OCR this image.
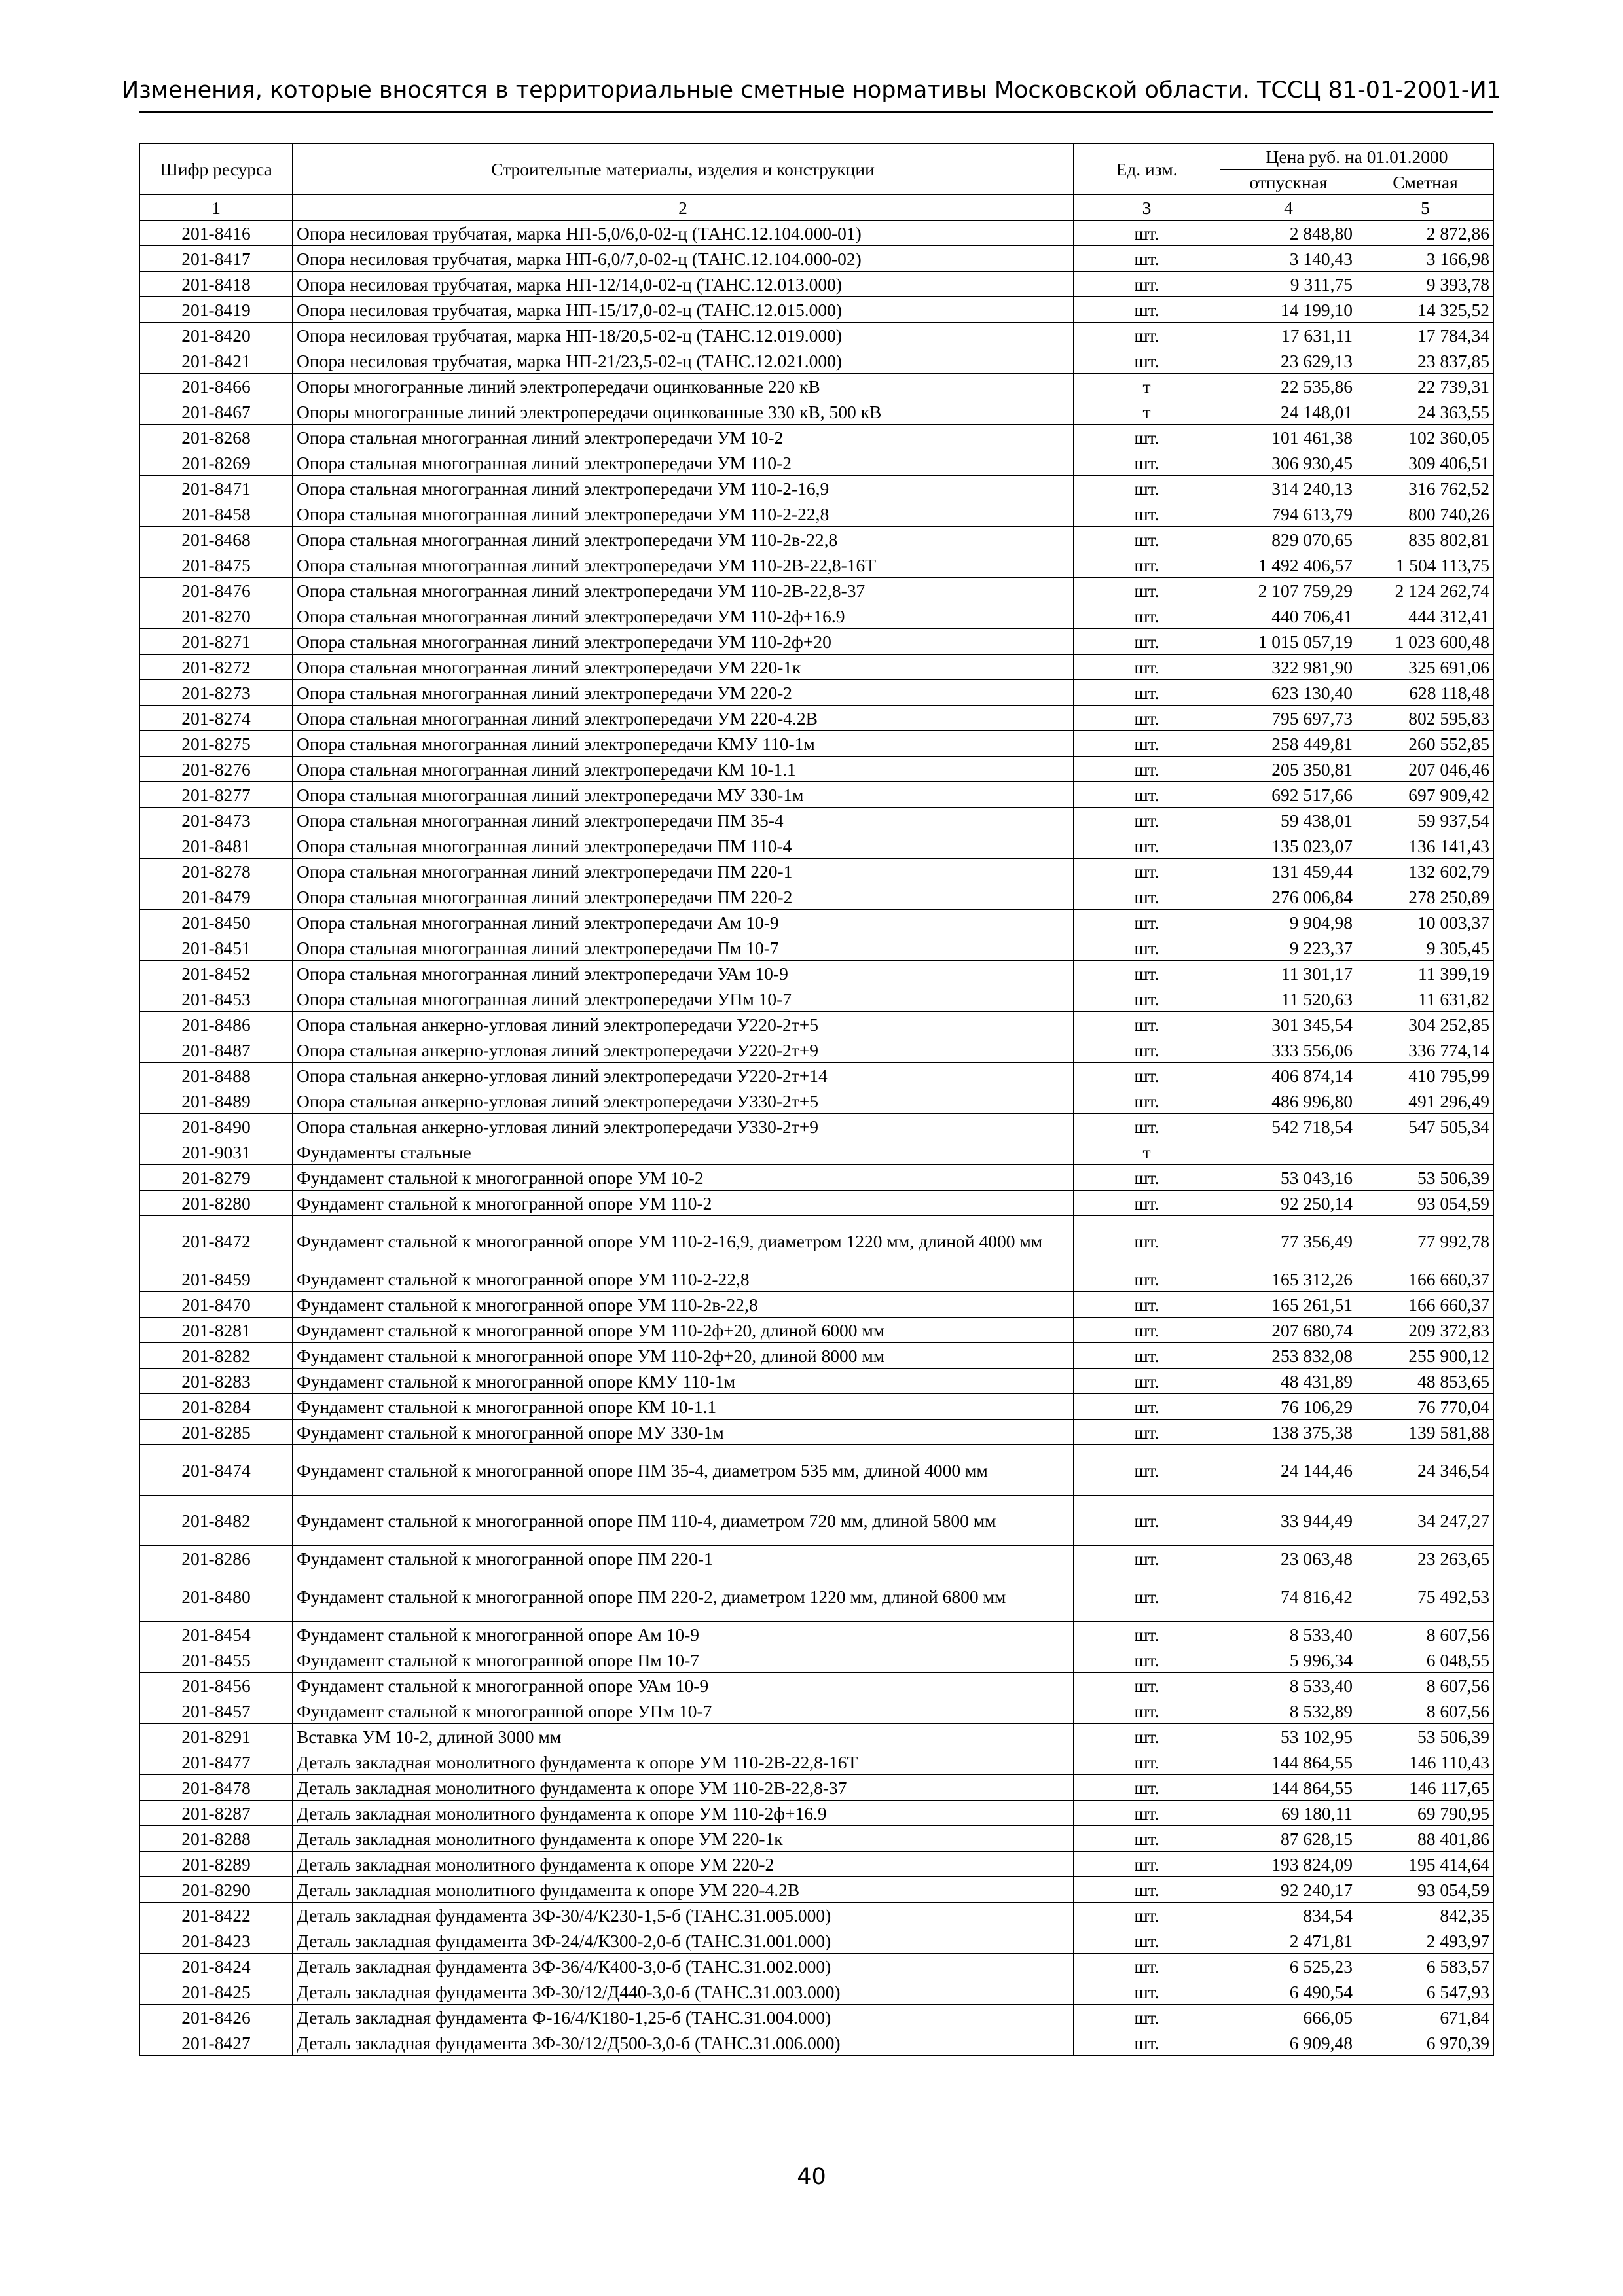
Изменения, которые вносятся в территориальные сметные нормативы Московской области. ТССЦ 81-01-2001-И1
Шифр ресурса	Строительные материалы, изделия и конструкции	Ед. изм.	Цена руб. на 01.01.2000	
			отпускная	Сметная
1	2	3	4	5
201-8416	Опора несиловая трубчатая, марка НП-5,0/6,0-02-ц (ТАНС.12.104.000-01)	шт.	2 848,80	2 872,86
201-8417	Опора несиловая трубчатая, марка НП-6,0/7,0-02-ц (ТАНС.12.104.000-02)	шт.	3 140,43	3 166,98
201-8418	Опора несиловая трубчатая, марка НП-12/14,0-02-ц (ТАНС.12.013.000)	шт.	9 311,75	9 393,78
201-8419	Опора несиловая трубчатая, марка НП-15/17,0-02-ц (ТАНС.12.015.000)	шт.	14 199,10	14 325,52
201-8420	Опора несиловая трубчатая, марка НП-18/20,5-02-ц (ТАНС.12.019.000)	шт.	17 631,11	17 784,34
201-8421	Опора несиловая трубчатая, марка НП-21/23,5-02-ц (ТАНС.12.021.000)	шт.	23 629,13	23 837,85
201-8466	Опоры многогранные линий электропередачи оцинкованные 220 кВ	т	22 535,86	22 739,31
201-8467	Опоры многогранные линий электропередачи оцинкованные 330 кВ, 500 кВ	т	24 148,01	24 363,55
201-8268	Опора стальная многогранная линий электропередачи УМ 10-2	шт.	101 461,38	102 360,05
201-8269	Опора стальная многогранная линий электропередачи УМ 110-2	шт.	306 930,45	309 406,51
201-8471	Опора стальная многогранная линий электропередачи УМ 110-2-16,9	шт.	314 240,13	316 762,52
201-8458	Опора стальная многогранная линий электропередачи УМ 110-2-22,8	шт.	794 613,79	800 740,26
201-8468	Опора стальная многогранная линий электропередачи УМ 110-2в-22,8	шт.	829 070,65	835 802,81
201-8475	Опора стальная многогранная линий электропередачи УМ 110-2В-22,8-16Т	шт.	1 492 406,57	1 504 113,75
201-8476	Опора стальная многогранная линий электропередачи УМ 110-2В-22,8-37	шт.	2 107 759,29	2 124 262,74
201-8270	Опора стальная многогранная линий электропередачи УМ 110-2ф+16.9	шт.	440 706,41	444 312,41
201-8271	Опора стальная многогранная линий электропередачи УМ 110-2ф+20	шт.	1 015 057,19	1 023 600,48
201-8272	Опора стальная многогранная линий электропередачи УМ 220-1к	шт.	322 981,90	325 691,06
201-8273	Опора стальная многогранная линий электропередачи УМ 220-2	шт.	623 130,40	628 118,48
201-8274	Опора стальная многогранная линий электропередачи УМ 220-4.2В	шт.	795 697,73	802 595,83
201-8275	Опора стальная многогранная линий электропередачи КМУ 110-1м	шт.	258 449,81	260 552,85
201-8276	Опора стальная многогранная линий электропередачи КМ 10-1.1	шт.	205 350,81	207 046,46
201-8277	Опора стальная многогранная линий электропередачи МУ 330-1м	шт.	692 517,66	697 909,42
201-8473	Опора стальная многогранная линий электропередачи ПМ 35-4	шт.	59 438,01	59 937,54
201-8481	Опора стальная многогранная линий электропередачи ПМ 110-4	шт.	135 023,07	136 141,43
201-8278	Опора стальная многогранная линий электропередачи ПМ 220-1	шт.	131 459,44	132 602,79
201-8479	Опора стальная многогранная линий электропередачи ПМ 220-2	шт.	276 006,84	278 250,89
201-8450	Опора стальная многогранная линий электропередачи Ам 10-9	шт.	9 904,98	10 003,37
201-8451	Опора стальная многогранная линий электропередачи Пм 10-7	шт.	9 223,37	9 305,45
201-8452	Опора стальная многогранная линий электропередачи УАм 10-9	шт.	11 301,17	11 399,19
201-8453	Опора стальная многогранная линий электропередачи УПм 10-7	шт.	11 520,63	11 631,82
201-8486	Опора стальная анкерно-угловая линий электропередачи У220-2т+5	шт.	301 345,54	304 252,85
201-8487	Опора стальная анкерно-угловая линий электропередачи У220-2т+9	шт.	333 556,06	336 774,14
201-8488	Опора стальная анкерно-угловая линий электропередачи У220-2т+14	шт.	406 874,14	410 795,99
201-8489	Опора стальная анкерно-угловая линий электропередачи У330-2т+5	шт.	486 996,80	491 296,49
201-8490	Опора стальная анкерно-угловая линий электропередачи У330-2т+9	шт.	542 718,54	547 505,34
201-9031	Фундаменты стальные	т		
201-8279	Фундамент стальной к многогранной опоре УМ 10-2	шт.	53 043,16	53 506,39
201-8280	Фундамент стальной к многогранной опоре УМ 110-2	шт.	92 250,14	93 054,59
201-8472	Фундамент стальной к многогранной опоре УМ 110-2-16,9, диаметром 1220 мм, длиной 4000 мм	шт.	77 356,49	77 992,78
201-8459	Фундамент стальной к многогранной опоре УМ 110-2-22,8	шт.	165 312,26	166 660,37
201-8470	Фундамент стальной к многогранной опоре УМ 110-2в-22,8	шт.	165 261,51	166 660,37
201-8281	Фундамент стальной к многогранной опоре УМ 110-2ф+20, длиной 6000 мм	шт.	207 680,74	209 372,83
201-8282	Фундамент стальной к многогранной опоре УМ 110-2ф+20, длиной 8000 мм	шт.	253 832,08	255 900,12
201-8283	Фундамент стальной к многогранной опоре КМУ 110-1м	шт.	48 431,89	48 853,65
201-8284	Фундамент стальной к многогранной опоре КМ 10-1.1	шт.	76 106,29	76 770,04
201-8285	Фундамент стальной к многогранной опоре МУ 330-1м	шт.	138 375,38	139 581,88
201-8474	Фундамент стальной к многогранной опоре ПМ 35-4, диаметром 535 мм, длиной 4000 мм	шт.	24 144,46	24 346,54
201-8482	Фундамент стальной к многогранной опоре ПМ 110-4, диаметром 720 мм, длиной 5800 мм	шт.	33 944,49	34 247,27
201-8286	Фундамент стальной к многогранной опоре ПМ 220-1	шт.	23 063,48	23 263,65
201-8480	Фундамент стальной к многогранной опоре ПМ 220-2, диаметром 1220 мм, длиной 6800 мм	шт.	74 816,42	75 492,53
201-8454	Фундамент стальной к многогранной опоре Ам 10-9	шт.	8 533,40	8 607,56
201-8455	Фундамент стальной к многогранной опоре Пм 10-7	шт.	5 996,34	6 048,55
201-8456	Фундамент стальной к многогранной опоре УАм 10-9	шт.	8 533,40	8 607,56
201-8457	Фундамент стальной к многогранной опоре УПм 10-7	шт.	8 532,89	8 607,56
201-8291	Вставка УМ 10-2, длиной 3000 мм	шт.	53 102,95	53 506,39
201-8477	Деталь закладная монолитного фундамента к опоре УМ 110-2В-22,8-16Т	шт.	144 864,55	146 110,43
201-8478	Деталь закладная монолитного фундамента к опоре УМ 110-2В-22,8-37	шт.	144 864,55	146 117,65
201-8287	Деталь закладная монолитного фундамента к опоре УМ 110-2ф+16.9	шт.	69 180,11	69 790,95
201-8288	Деталь закладная монолитного фундамента к опоре УМ 220-1к	шт.	87 628,15	88 401,86
201-8289	Деталь закладная монолитного фундамента к опоре УМ 220-2	шт.	193 824,09	195 414,64
201-8290	Деталь закладная монолитного фундамента к опоре УМ 220-4.2В	шт.	92 240,17	93 054,59
201-8422	Деталь закладная фундамента 3Ф-30/4/К230-1,5-б (ТАНС.31.005.000)	шт.	834,54	842,35
201-8423	Деталь закладная фундамента 3Ф-24/4/К300-2,0-б (ТАНС.31.001.000)	шт.	2 471,81	2 493,97
201-8424	Деталь закладная фундамента 3Ф-36/4/К400-3,0-б (ТАНС.31.002.000)	шт.	6 525,23	6 583,57
201-8425	Деталь закладная фундамента 3Ф-30/12/Д440-3,0-б (ТАНС.31.003.000)	шт.	6 490,54	6 547,93
201-8426	Деталь закладная фундамента Ф-16/4/К180-1,25-б (ТАНС.31.004.000)	шт.	666,05	671,84
201-8427	Деталь закладная фундамента 3Ф-30/12/Д500-3,0-б (ТАНС.31.006.000)	шт.	6 909,48	6 970,39
40
